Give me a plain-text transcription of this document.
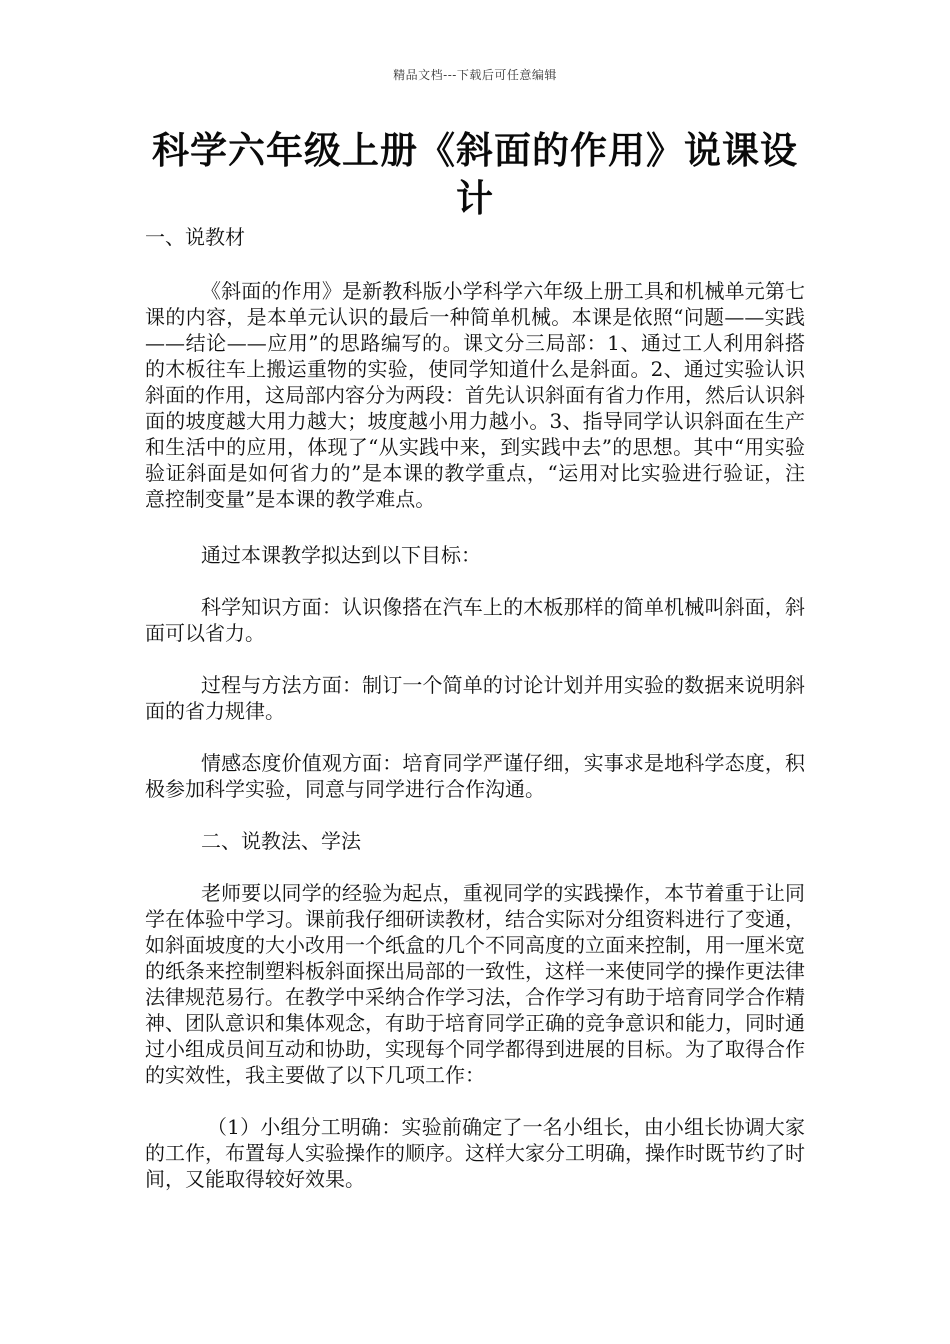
精品文档---下载后可任意编辑
科学六年级上册《斜面的作用》说课设计

一、说教材

《斜面的作用》是新教科版小学科学六年级上册工具和机械单元第七课的内容，是本单元认识的最后一种简单机械。本课是依照“问题——实践——结论——应用”的思路编写的。课文分三局部：1、通过工人利用斜搭的木板往车上搬运重物的实验，使同学知道什么是斜面。2、通过实验认识斜面的作用，这局部内容分为两段：首先认识斜面有省力作用，然后认识斜面的坡度越大用力越大；坡度越小用力越小。3、指导同学认识斜面在生产和生活中的应用，体现了“从实践中来，到实践中去”的思想。其中“用实验验证斜面是如何省力的”是本课的教学重点，“运用对比实验进行验证，注意控制变量”是本课的教学难点。

通过本课教学拟达到以下目标：

科学知识方面：认识像搭在汽车上的木板那样的简单机械叫斜面，斜面可以省力。

过程与方法方面：制订一个简单的讨论计划并用实验的数据来说明斜面的省力规律。

情感态度价值观方面：培育同学严谨仔细，实事求是地科学态度，积极参加科学实验，同意与同学进行合作沟通。

二、说教法、学法

老师要以同学的经验为起点，重视同学的实践操作，本节着重于让同学在体验中学习。课前我仔细研读教材，结合实际对分组资料进行了变通，如斜面坡度的大小改用一个纸盒的几个不同高度的立面来控制，用一厘米宽的纸条来控制塑料板斜面探出局部的一致性，这样一来使同学的操作更法律法律规范易行。在教学中采纳合作学习法，合作学习有助于培育同学合作精神、团队意识和集体观念，有助于培育同学正确的竞争意识和能力，同时通过小组成员间互动和协助，实现每个同学都得到进展的目标。为了取得合作的实效性，我主要做了以下几项工作：

（1）小组分工明确：实验前确定了一名小组长，由小组长协调大家的工作，布置每人实验操作的顺序。这样大家分工明确，操作时既节约了时间，又能取得较好效果。
